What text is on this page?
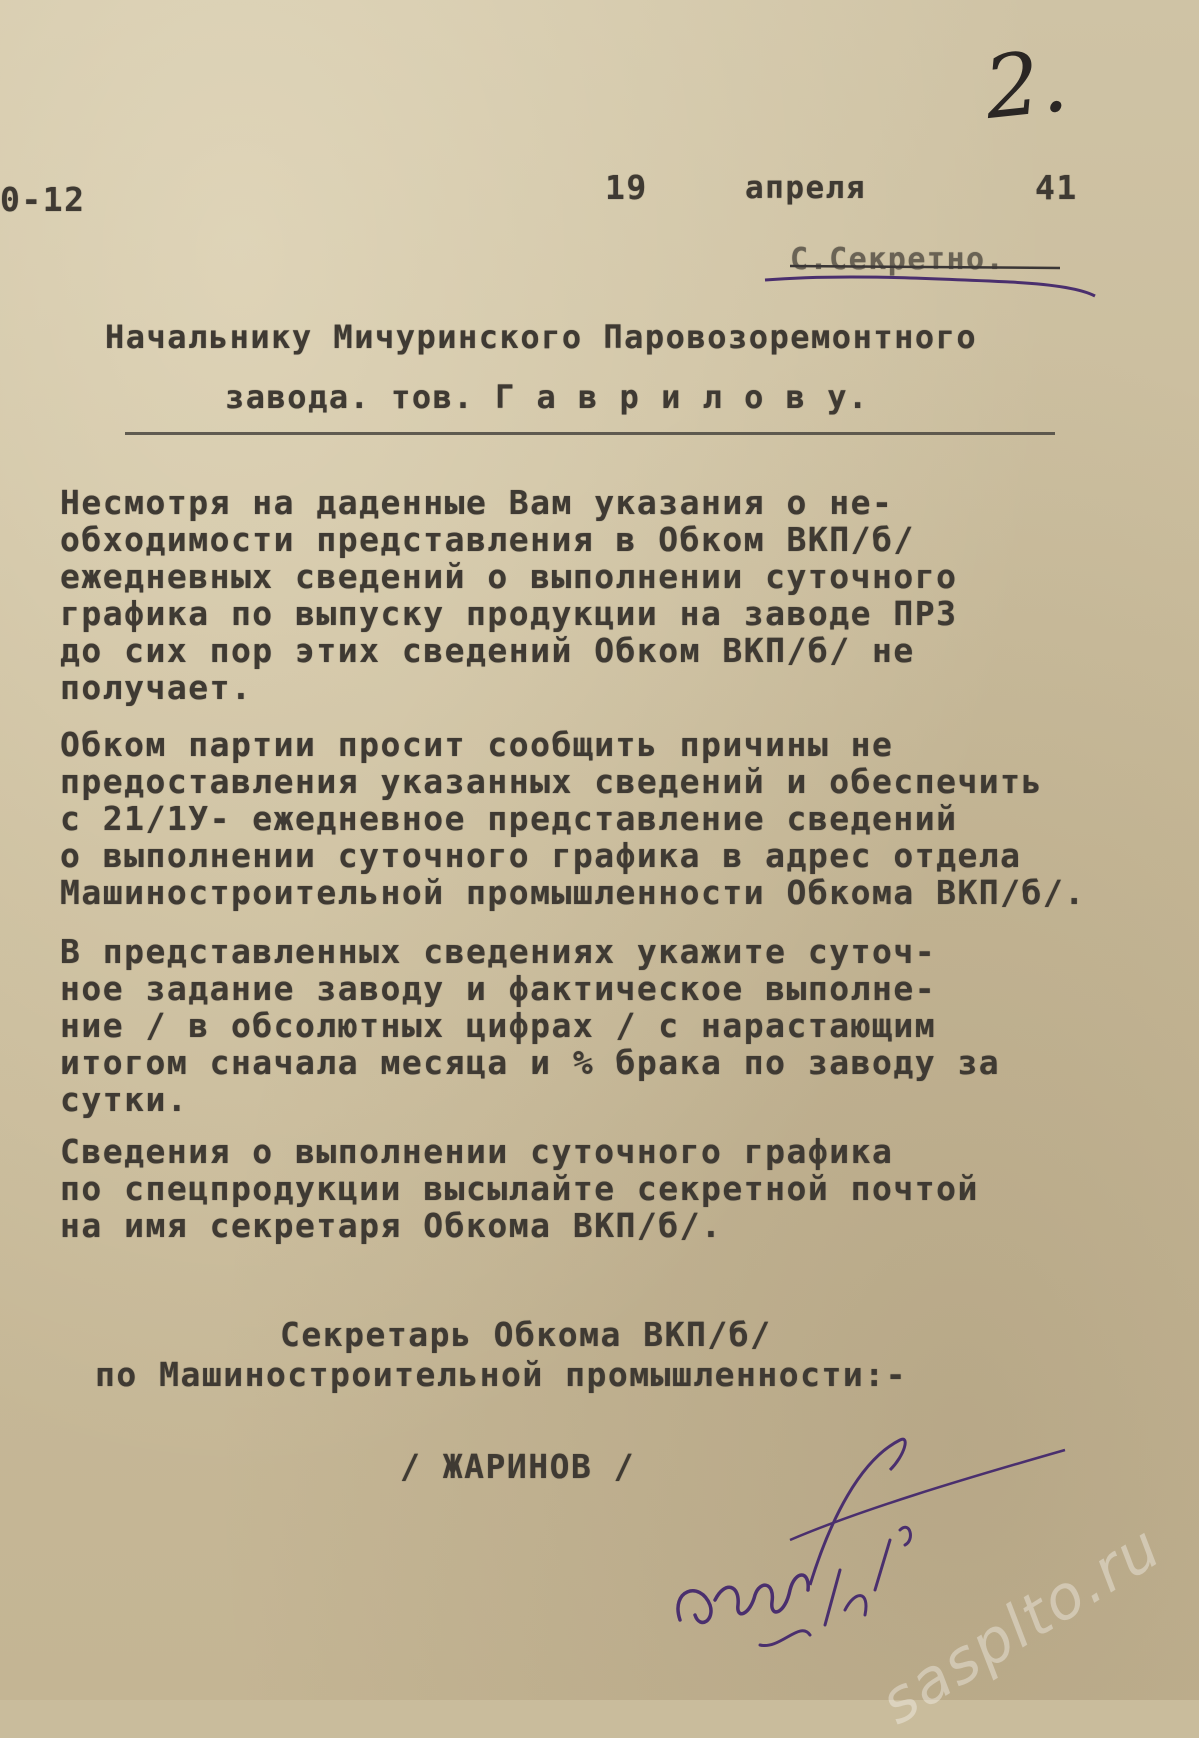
0-12	19	апреля	41
2.
С.Секретно.
Начальнику Мичуринского Паровозоремонтного
завода. тов. Г а в р и л о в у.
Несмотря на даденные Вам указания о не-
обходимости представления в Обком ВКП/б/
ежедневных сведений о выполнении суточного
графика по выпуску продукции на заводе ПРЗ
до сих пор этих сведений Обком ВКП/б/ не
получает.
Обком партии просит сообщить причины не
предоставления указанных сведений и обеспечить
с 21/1У- ежедневное представление сведений
о выполнении суточного графика в адрес отдела
Машиностроительной промышленности Обкома ВКП/б/.
В представленных сведениях укажите суточ-
ное задание заводу и фактическое выполне-
ние / в обсолютных цифрах / с нарастающим
итогом сначала месяца и % брака по заводу за
сутки.
Сведения о выполнении суточного графика
по спецпродукции высылайте секретной почтой
на имя секретаря Обкома ВКП/б/.
Секретарь Обкома ВКП/б/
по Машиностроительной промышленности:-
/ ЖАРИНОВ /
sasplto.ru
